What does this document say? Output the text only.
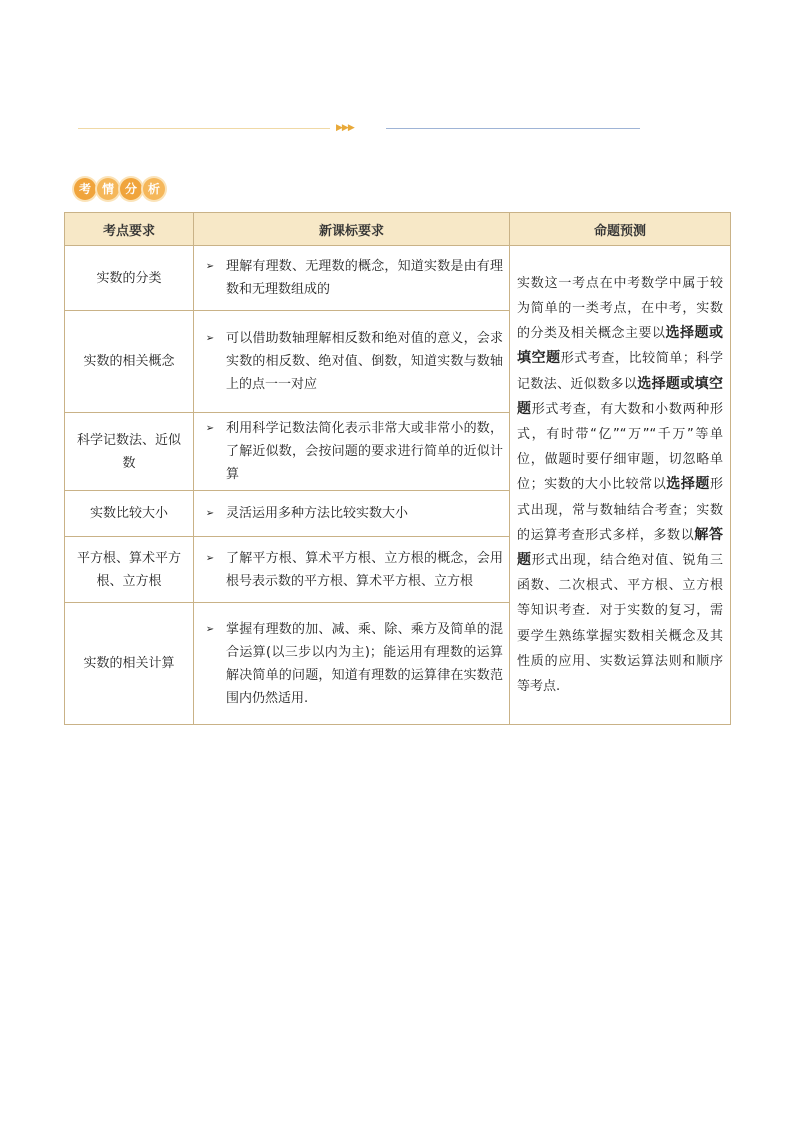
▶▶▶
考 情 分 析
考点要求	新课标要求	命题预测
实数的分类	➢ 理解有理数、无理数的概念，知道实数是由有理数和无理数组成的	实数这一考点在中考数学中属于较为简单的一类考点，在中考，实数的分类及相关概念主要以选择题或填空题形式考查，比较简单；科学记数法、近似数多以选择题或填空题形式考查，有大数和小数两种形式，有时带“亿”“万”“千万”等单位，做题时要仔细审题，切忽略单位；实数的大小比较常以选择题形式出现，常与数轴结合考查；实数的运算考查形式多样，多数以解答题形式出现，结合绝对值、锐角三函数、二次根式、平方根、立方根等知识考查．对于实数的复习，需要学生熟练掌握实数相关概念及其性质的应用、实数运算法则和顺序等考点.
实数的相关概念	➢ 可以借助数轴理解相反数和绝对值的意义，会求实数的相反数、绝对值、倒数，知道实数与数轴上的点一一对应	

科学记数法、近似数	➢ 利用科学记数法简化表示非常大或非常小的数，了解近似数，会按问题的要求进行简单的近似计算	

实数比较大小	➢ 灵活运用多种方法比较实数大小	

平方根、算术平方根、立方根	➢ 了解平方根、算术平方根、立方根的概念，会用根号表示数的平方根、算术平方根、立方根	

实数的相关计算	➢ 掌握有理数的加、减、乘、除、乘方及简单的混合运算(以三步以内为主)；能运用有理数的运算解决简单的问题，知道有理数的运算律在实数范围内仍然适用.	
